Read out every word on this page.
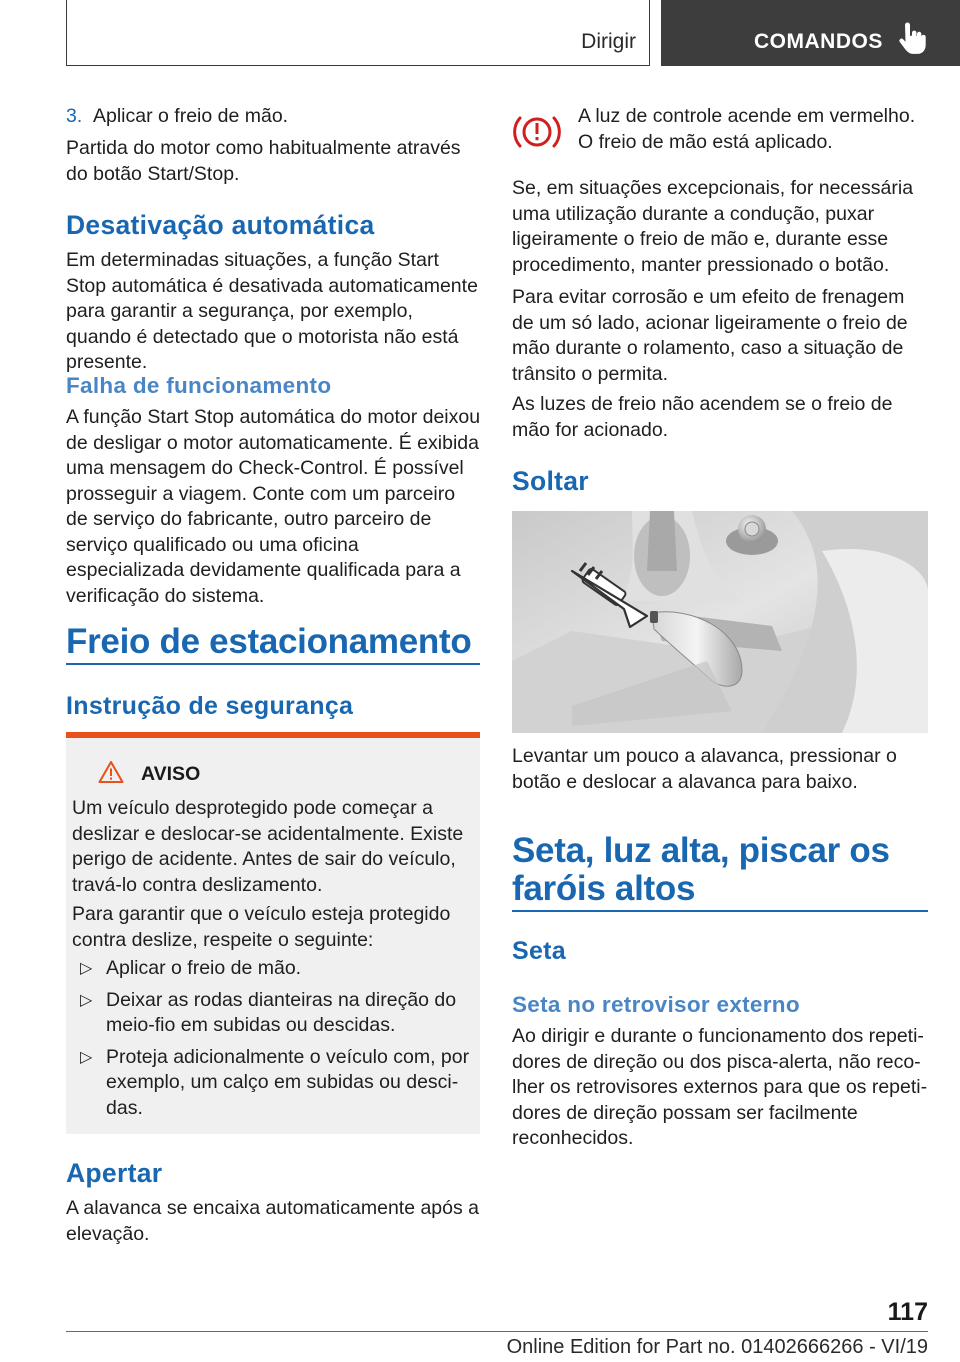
Dirigir	COMANDOS
3. Aplicar o freio de mão.

Partida do motor como habitualmente através do botão Start/Stop.

Desativação automática

Em determinadas situações, a função Start Stop automática é desativada automaticamente para garantir a segurança, por exemplo, quando é detectado que o motorista não está presente.

Falha de funcionamento

A função Start Stop automática do motor deixou de desligar o motor automaticamente. É exibida uma mensagem do Check-Control. É possível prosseguir a viagem. Conte com um parceiro de serviço do fabricante, outro parceiro de serviço qualificado ou uma oficina especializada devidamente qualificada para a verificação do sistema.

Freio de estacionamento
Instrução de segurança
AVISO

Um veículo desprotegido pode começar a deslizar e deslocar-se acidentalmente. Existe perigo de acidente. Antes de sair do veículo, travá-lo contra deslizamento.

Para garantir que o veículo esteja protegido contra deslize, respeite o seguinte:

▷ Aplicar o freio de mão.
▷ Deixar as rodas dianteiras na direção do meio-fio em subidas ou descidas.
▷ Proteja adicionalmente o veículo com, por exemplo, um calço em subidas ou descidas.
Apertar

A alavanca se encaixa automaticamente após a elevação.

A luz de controle acende em vermelho. O freio de mão está aplicado.

Se, em situações excepcionais, for necessária uma utilização durante a condução, puxar ligeiramente o freio de mão e, durante esse procedimento, manter pressionado o botão.

Para evitar corrosão e um efeito de frenagem de um só lado, acionar ligeiramente o freio de mão durante o rolamento, caso a situação de trânsito o permita.

As luzes de freio não acendem se o freio de mão for acionado.

Soltar

Levantar um pouco a alavanca, pressionar o botão e deslocar a alavanca para baixo.

Seta, luz alta, piscar os faróis altos
Seta
Seta no retrovisor externo

Ao dirigir e durante o funcionamento dos repetidores de direção ou dos pisca-alerta, não recolher os retrovisores externos para que os repetidores de direção possam ser facilmente reconhecidos.

117
Online Edition for Part no. 01402666266 - VI/19
